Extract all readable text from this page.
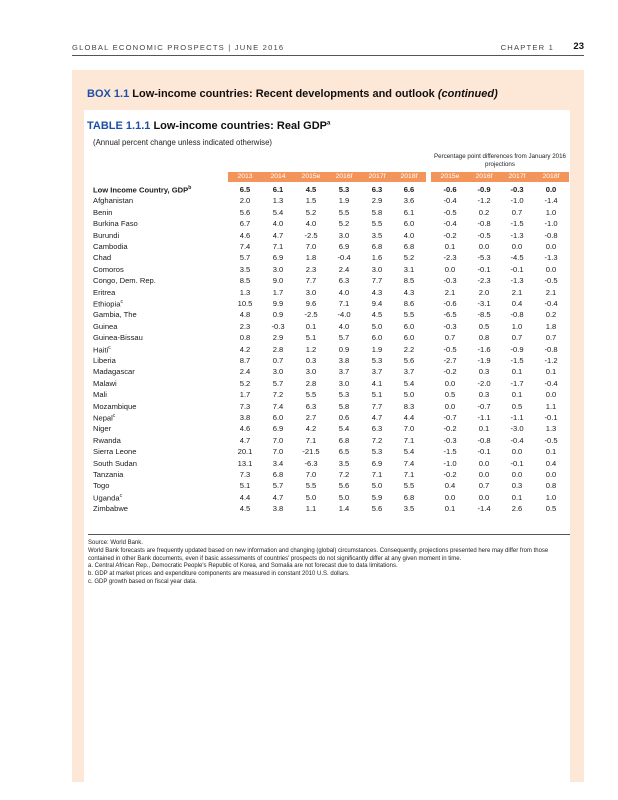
GLOBAL ECONOMIC PROSPECTS | JUNE 2016	CHAPTER 1 23
BOX 1.1 Low-income countries: Recent developments and outlook (continued)
TABLE 1.1.1 Low-income countries: Real GDP$^a$
(Annual percent change unless indicated otherwise)
Percentage point differences from January 2016 projections
2013	2014	2015e	2016f	2017f	2018f	2015e	2016f	2017f	2018f
Low Income Country, GDP$^b$	6.5	6.1	4.5	5.3	6.3	6.6	-0.6	-0.9	-0.3	0.0
Afghanistan	2.0	1.3	1.5	1.9	2.9	3.6	-0.4	-1.2	-1.0	-1.4
Benin	5.6	5.4	5.2	5.5	5.8	6.1	-0.5	0.2	0.7	1.0
Burkina Faso	6.7	4.0	4.0	5.2	5.5	6.0	-0.4	-0.8	-1.5	-1.0
Burundi	4.6	4.7	-2.5	3.0	3.5	4.0	-0.2	-0.5	-1.3	-0.8
Cambodia	7.4	7.1	7.0	6.9	6.8	6.8	0.1	0.0	0.0	0.0
Chad	5.7	6.9	1.8	-0.4	1.6	5.2	-2.3	-5.3	-4.5	-1.3
Comoros	3.5	3.0	2.3	2.4	3.0	3.1	0.0	-0.1	-0.1	0.0
Congo, Dem. Rep.	8.5	9.0	7.7	6.3	7.7	8.5	-0.3	-2.3	-1.3	-0.5
Eritrea	1.3	1.7	3.0	4.0	4.3	4.3	2.1	2.0	2.1	2.1
Ethiopia$^c$	10.5	9.9	9.6	7.1	9.4	8.6	-0.6	-3.1	0.4	-0.4
Gambia, The	4.8	0.9	-2.5	-4.0	4.5	5.5	-6.5	-8.5	-0.8	0.2
Guinea	2.3	-0.3	0.1	4.0	5.0	6.0	-0.3	0.5	1.0	1.8
Guinea-Bissau	0.8	2.9	5.1	5.7	6.0	6.0	0.7	0.8	0.7	0.7
Haiti$^c$	4.2	2.8	1.2	0.9	1.9	2.2	-0.5	-1.6	-0.9	-0.8
Liberia	8.7	0.7	0.3	3.8	5.3	5.6	-2.7	-1.9	-1.5	-1.2
Madagascar	2.4	3.0	3.0	3.7	3.7	3.7	-0.2	0.3	0.1	0.1
Malawi	5.2	5.7	2.8	3.0	4.1	5.4	0.0	-2.0	-1.7	-0.4
Mali	1.7	7.2	5.5	5.3	5.1	5.0	0.5	0.3	0.1	0.0
Mozambique	7.3	7.4	6.3	5.8	7.7	8.3	0.0	-0.7	0.5	1.1
Nepal$^c$	3.8	6.0	2.7	0.6	4.7	4.4	-0.7	-1.1	-1.1	-0.1
Niger	4.6	6.9	4.2	5.4	6.3	7.0	-0.2	0.1	-3.0	1.3
Rwanda	4.7	7.0	7.1	6.8	7.2	7.1	-0.3	-0.8	-0.4	-0.5
Sierra Leone	20.1	7.0	-21.5	6.5	5.3	5.4	-1.5	-0.1	0.0	0.1
South Sudan	13.1	3.4	-6.3	3.5	6.9	7.4	-1.0	0.0	-0.1	0.4
Tanzania	7.3	6.8	7.0	7.2	7.1	7.1	-0.2	0.0	0.0	0.0
Togo	5.1	5.7	5.5	5.6	5.0	5.5	0.4	0.7	0.3	0.8
Uganda$^c$	4.4	4.7	5.0	5.0	5.9	6.8	0.0	0.0	0.1	1.0
Zimbabwe	4.5	3.8	1.1	1.4	5.6	3.5	0.1	-1.4	2.6	0.5

Source: World Bank.

World Bank forecasts are frequently updated based on new information and changing (global) circumstances. Consequently, projections presented here may differ from those contained in other Bank documents, even if basic assessments of countries' prospects do not significantly differ at any given moment in time.

a. Central African Rep., Democratic People's Republic of Korea, and Somalia are not forecast due to data limitations.

b. GDP at market prices and expenditure components are measured in constant 2010 U.S. dollars.

c. GDP growth based on fiscal year data.
